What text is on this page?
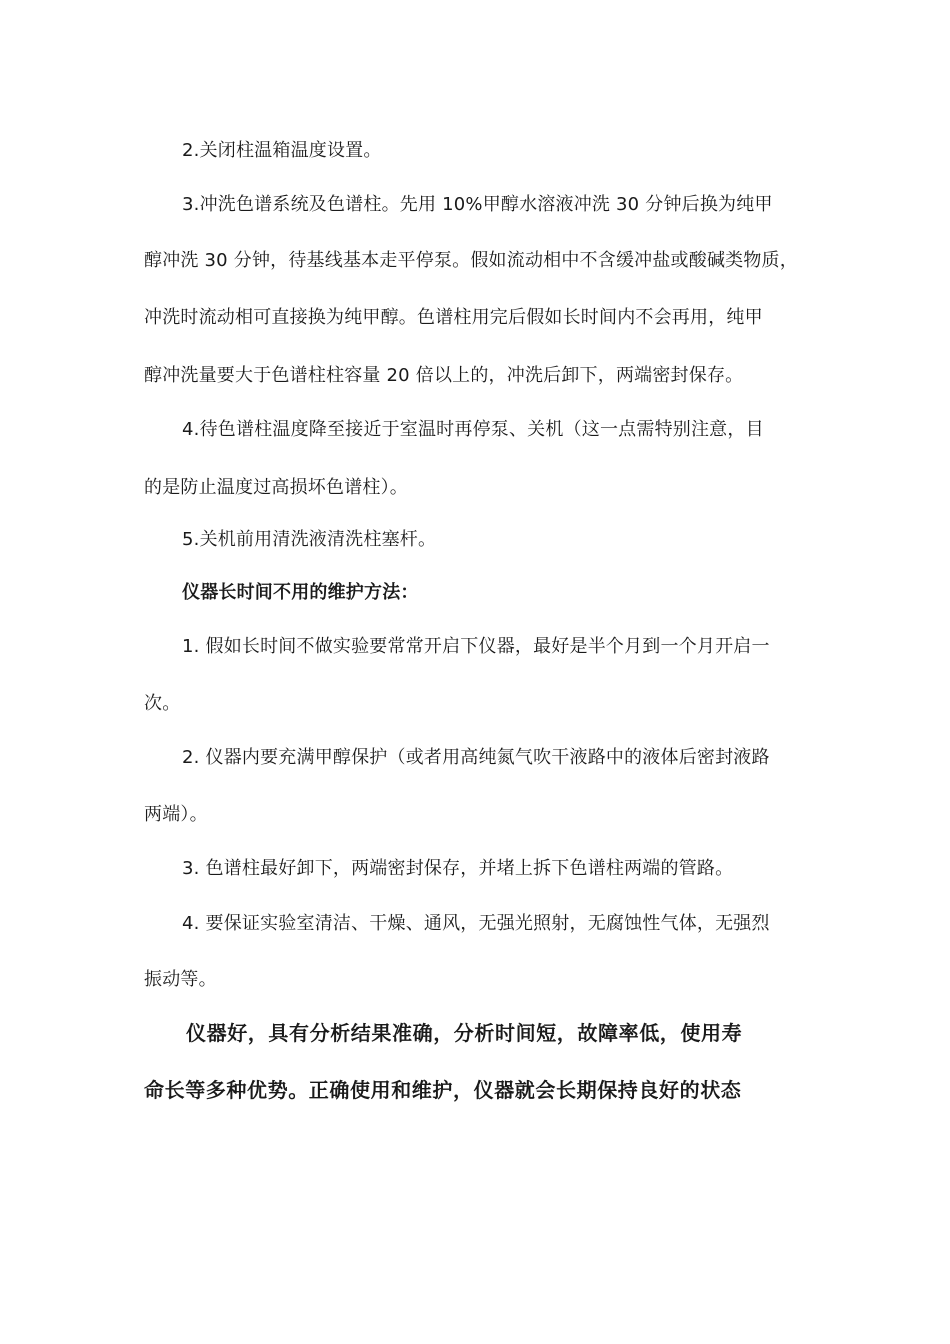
2.关闭柱温箱温度设置。
3.冲洗色谱系统及色谱柱。先用 10%甲醇水溶液冲洗 30 分钟后换为纯甲
醇冲洗 30 分钟，待基线基本走平停泵。假如流动相中不含缓冲盐或酸碱类物质，
冲洗时流动相可直接换为纯甲醇。色谱柱用完后假如长时间内不会再用，纯甲
醇冲洗量要大于色谱柱柱容量 20 倍以上的，冲洗后卸下，两端密封保存。
4.待色谱柱温度降至接近于室温时再停泵、关机（这一点需特别注意，目
的是防止温度过高损坏色谱柱）。
5.关机前用清洗液清洗柱塞杆。
仪器长时间不用的维护方法：
1. 假如长时间不做实验要常常开启下仪器，最好是半个月到一个月开启一
次。
2. 仪器内要充满甲醇保护（或者用高纯氮气吹干液路中的液体后密封液路
两端）。
3. 色谱柱最好卸下，两端密封保存，并堵上拆下色谱柱两端的管路。
4. 要保证实验室清洁、干燥、通风，无强光照射，无腐蚀性气体，无强烈
振动等。
仪器好，具有分析结果准确，分析时间短，故障率低，使用寿
命长等多种优势。正确使用和维护，仪器就会长期保持良好的状态
